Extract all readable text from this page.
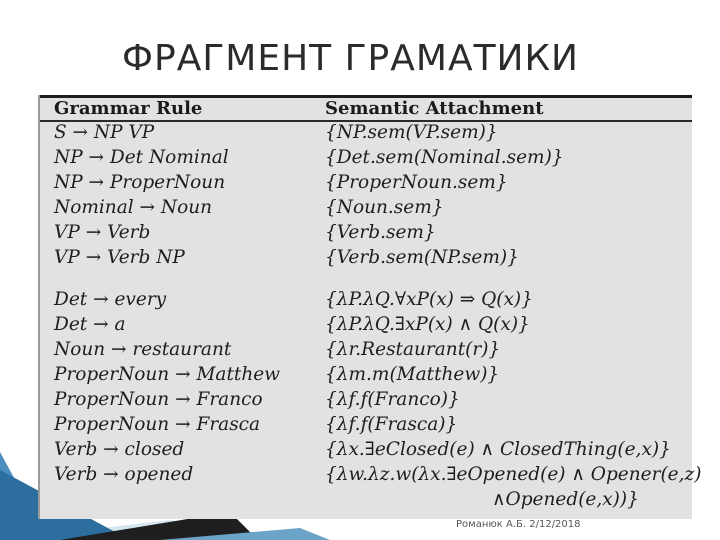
ФРАГМЕНТ ГРАМАТИКИ
Grammar Rule	Semantic Attachment
S → NP VP	{NP.sem(VP.sem)}
NP → Det Nominal	{Det.sem(Nominal.sem)}
NP → ProperNoun	{ProperNoun.sem}
Nominal → Noun	{Noun.sem}
VP → Verb	{Verb.sem}
VP → Verb NP	{Verb.sem(NP.sem)}
Det → every	{λP.λQ.∀xP(x) ⇒ Q(x)}
Det → a	{λP.λQ.∃xP(x) ∧ Q(x)}
Noun → restaurant	{λr.Restaurant(r)}
ProperNoun → Matthew {λm.m(Matthew)}
ProperNoun → Franco	{λf.f(Franco)}
ProperNoun → Frasca	{λf.f(Frasca)}
Verb → closed	{λx.∃eClosed(e) ∧ ClosedThing(e,x)}
Verb → opened	{λw.λz.w(λx.∃eOpened(e) ∧ Opener(e,z)
∧Opened(e,x))}
Романюк А.Б. 2/12/2018
